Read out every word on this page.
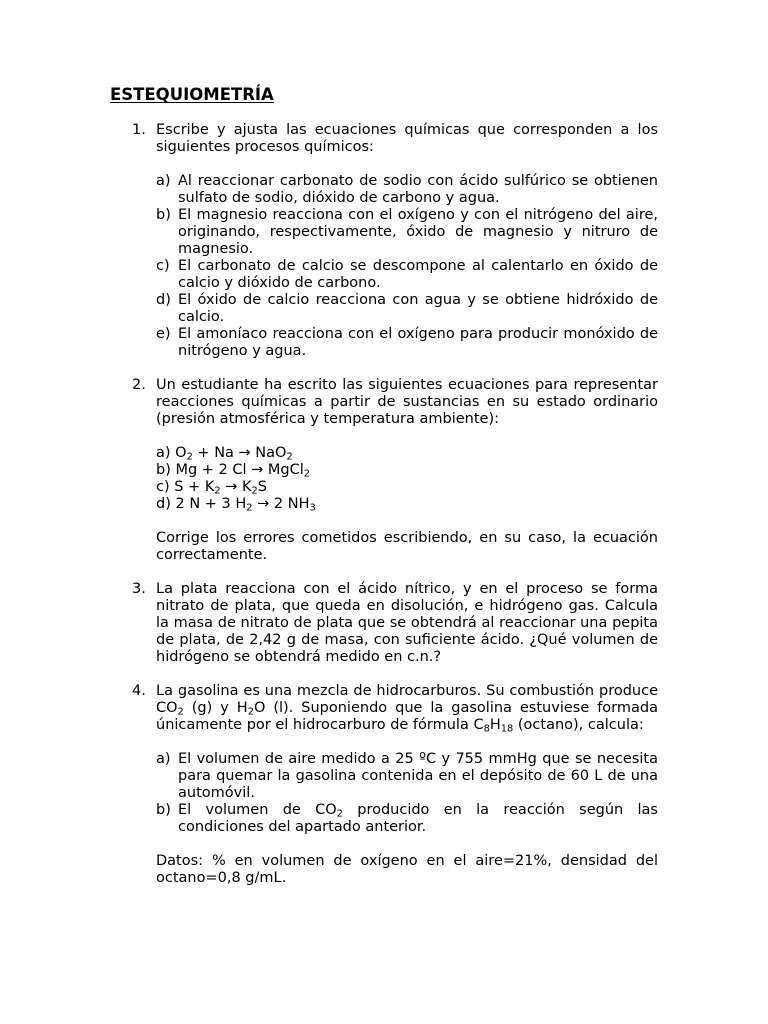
ESTEQUIOMETRÍA
1. Escribe y ajusta las ecuaciones químicas que corresponden a los siguientes procesos químicos:

a) Al reaccionar carbonato de sodio con ácido sulfúrico se obtienen sulfato de sodio, dióxido de carbono y agua.

b) El magnesio reacciona con el oxígeno y con el nitrógeno del aire, originando, respectivamente, óxido de magnesio y nitruro de magnesio.

c) El carbonato de calcio se descompone al calentarlo en óxido de calcio y dióxido de carbono.

d) El óxido de calcio reacciona con agua y se obtiene hidróxido de calcio.

e) El amoníaco reacciona con el oxígeno para producir monóxido de nitrógeno y agua.

2. Un estudiante ha escrito las siguientes ecuaciones para representar reacciones químicas a partir de sustancias en su estado ordinario (presión atmosférica y temperatura ambiente):

a) O2 + Na → NaO2

b) Mg + 2 Cl → MgCl2

c) S + K2 → K2S

d) 2 N + 3 H2 → 2 NH3

Corrige los errores cometidos escribiendo, en su caso, la ecuación correctamente.

3. La plata reacciona con el ácido nítrico, y en el proceso se forma nitrato de plata, que queda en disolución, e hidrógeno gas. Calcula la masa de nitrato de plata que se obtendrá al reaccionar una pepita de plata, de 2,42 g de masa, con suficiente ácido. ¿Qué volumen de hidrógeno se obtendrá medido en c.n.?

4. La gasolina es una mezcla de hidrocarburos. Su combustión produce $CO_2$ (g) y $H_2O$ (l). Suponiendo que la gasolina estuviese formada únicamente por el hidrocarburo de fórmula $C_8H_{18}$ (octano), calcula:

a) El volumen de aire medido a 25 ºC y 755 mmHg que se necesita para quemar la gasolina contenida en el depósito de 60 L de una automóvil.

b) El volumen de $CO_2$ producido en la reacción según las condiciones del apartado anterior.

Datos: % en volumen de oxígeno en el aire=21%, densidad del octano=0,8 g/mL.
